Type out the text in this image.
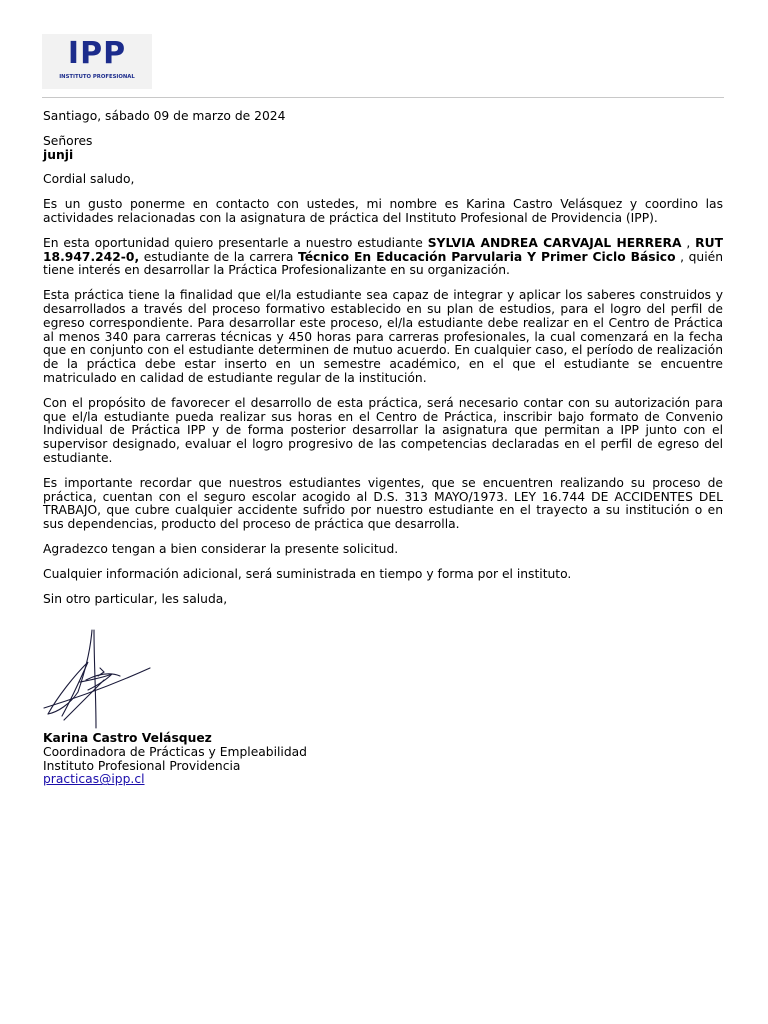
IPP
INSTITUTO PROFESIONAL

Santiago, sábado 09 de marzo de 2024

Señores
junji

Cordial saludo,

Es un gusto ponerme en contacto con ustedes, mi nombre es Karina Castro Velásquez y coordino las actividades relacionadas con la asignatura de práctica del Instituto Profesional de Providencia (IPP).

En esta oportunidad quiero presentarle a nuestro estudiante SYLVIA ANDREA CARVAJAL HERRERA , RUT 18.947.242-0, estudiante de la carrera Técnico En Educación Parvularia Y Primer Ciclo Básico , quién tiene interés en desarrollar la Práctica Profesionalizante en su organización.

Esta práctica tiene la finalidad que el/la estudiante sea capaz de integrar y aplicar los saberes construidos y desarrollados a través del proceso formativo establecido en su plan de estudios, para el logro del perfil de egreso correspondiente. Para desarrollar este proceso, el/la estudiante debe realizar en el Centro de Práctica al menos 340 para carreras técnicas y 450 horas para carreras profesionales, la cual comenzará en la fecha que en conjunto con el estudiante determinen de mutuo acuerdo. En cualquier caso, el período de realización de la práctica debe estar inserto en un semestre académico, en el que el estudiante se encuentre matriculado en calidad de estudiante regular de la institución.

Con el propósito de favorecer el desarrollo de esta práctica, será necesario contar con su autorización para que el/la estudiante pueda realizar sus horas en el Centro de Práctica, inscribir bajo formato de Convenio Individual de Práctica IPP y de forma posterior desarrollar la asignatura que permitan a IPP junto con el supervisor designado, evaluar el logro progresivo de las competencias declaradas en el perfil de egreso del estudiante.

Es importante recordar que nuestros estudiantes vigentes, que se encuentren realizando su proceso de práctica, cuentan con el seguro escolar acogido al D.S. 313 MAYO/1973. LEY 16.744 DE ACCIDENTES DEL TRABAJO, que cubre cualquier accidente sufrido por nuestro estudiante en el trayecto a su institución o en sus dependencias, producto del proceso de práctica que desarrolla.

Agradezco tengan a bien considerar la presente solicitud.

Cualquier información adicional, será suministrada en tiempo y forma por el instituto.

Sin otro particular, les saluda,

Karina Castro Velásquez
Coordinadora de Prácticas y Empleabilidad
Instituto Profesional Providencia
practicas@ipp.cl
